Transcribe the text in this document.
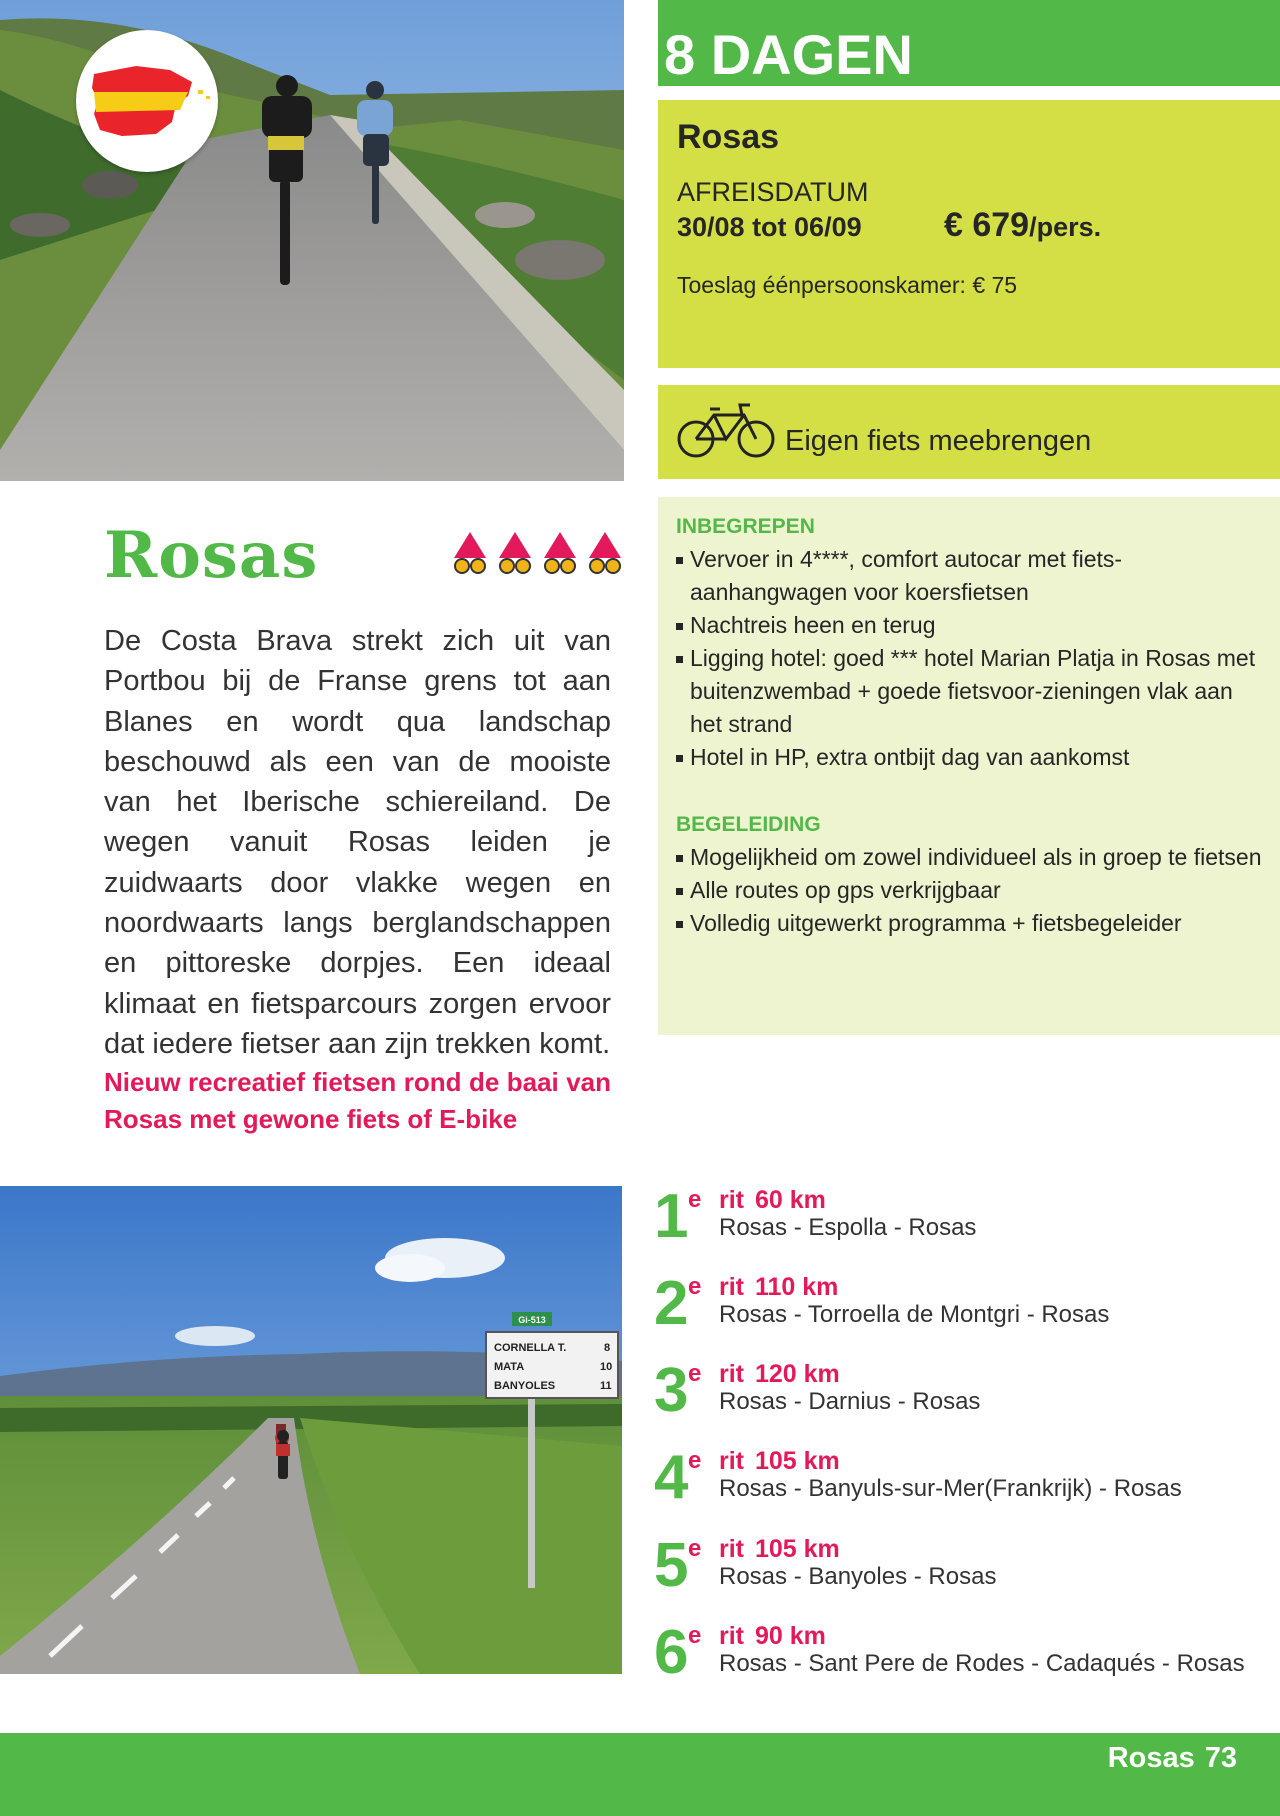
8 DAGEN
Rosas
AFREISDATUM
30/08 tot 06/09 € 679/pers.
Toeslag éénpersoonskamer: € 75
Eigen fiets meebrengen
INBEGREPEN
Vervoer in 4****, comfort autocar met fiets-aanhangwagen voor koersfietsen
Nachtreis heen en terug
Ligging hotel: goed *** hotel Marian Platja in Rosas met buitenzwembad + goede fietsvoor-zieningen vlak aan het strand
Hotel in HP, extra ontbijt dag van aankomst
BEGELEIDING
Mogelijkheid om zowel individueel als in groep te fietsen
Alle routes op gps verkrijgbaar
Volledig uitgewerkt programma + fietsbegeleider
Rosas

De Costa Brava strekt zich uit van Portbou bij de Franse grens tot aan Blanes en wordt qua landschap beschouwd als een van de mooiste van het Iberische schiereiland. De wegen vanuit Rosas leiden je zuidwaarts door vlakke wegen en noordwaarts langs berglandschappen en pittoreske dorpjes. Een ideaal klimaat en fietsparcours zorgen ervoor dat iedere fietser aan zijn trekken komt.

Nieuw recreatief fietsen rond de baai van Rosas met gewone fiets of E-bike

Gi-513
CORNELLA T.	8
MATA	10
BANYOLES	11
1 e rit 60 km
Rosas - Espolla - Rosas
2 e rit 110 km
Rosas - Torroella de Montgri - Rosas
3 e rit 120 km
Rosas - Darnius - Rosas
4 e rit 105 km
Rosas - Banyuls-sur-Mer(Frankrijk) - Rosas
5 e rit 105 km
Rosas - Banyoles - Rosas
6 e rit 90 km
Rosas - Sant Pere de Rodes - Cadaqués - Rosas
Rosas 73
